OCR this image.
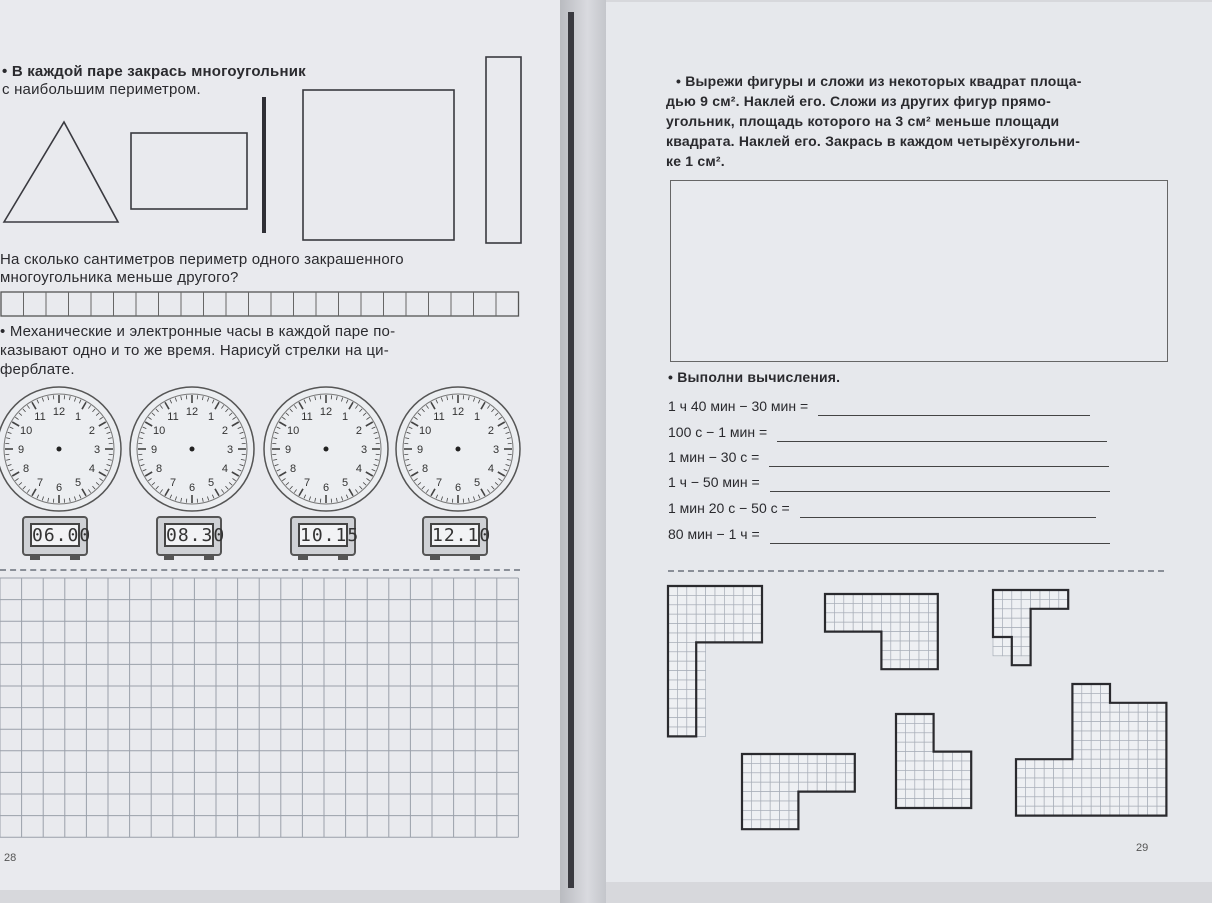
• В каждой паре закрась многоугольник
с наибольшим периметром.
На сколько сантиметров периметр одного закрашенного
многоугольника меньше другого?
• Механические и электронные часы в каждой паре по-
казывают одно и то же время. Нарисуй стрелки на ци-
ферблате.
12 1
2
3
4
5
6
7
8
9
10
11	12 1
2
3
4
5
6
7
8
9
10
11	12 1
2
3
4
5
6
7
8
9
10
11	12 1
2
3
4
5
6
7
8
9
10
11
06.00	08.30	10.15	12.10
28
• Вырежи фигуры и сложи из некоторых квадрат площа-
дью 9 см². Наклей его. Сложи из других фигур прямо-
угольник, площадь которого на 3 см² меньше площади
квадрата. Наклей его. Закрась в каждом четырёхугольни-
ке 1 см².
• Выполни вычисления.
1 ч 40 мин − 30 мин =
100 с − 1 мин =
1 мин − 30 с =
1 ч − 50 мин =
1 мин 20 с − 50 с =
80 мин − 1 ч =
29
